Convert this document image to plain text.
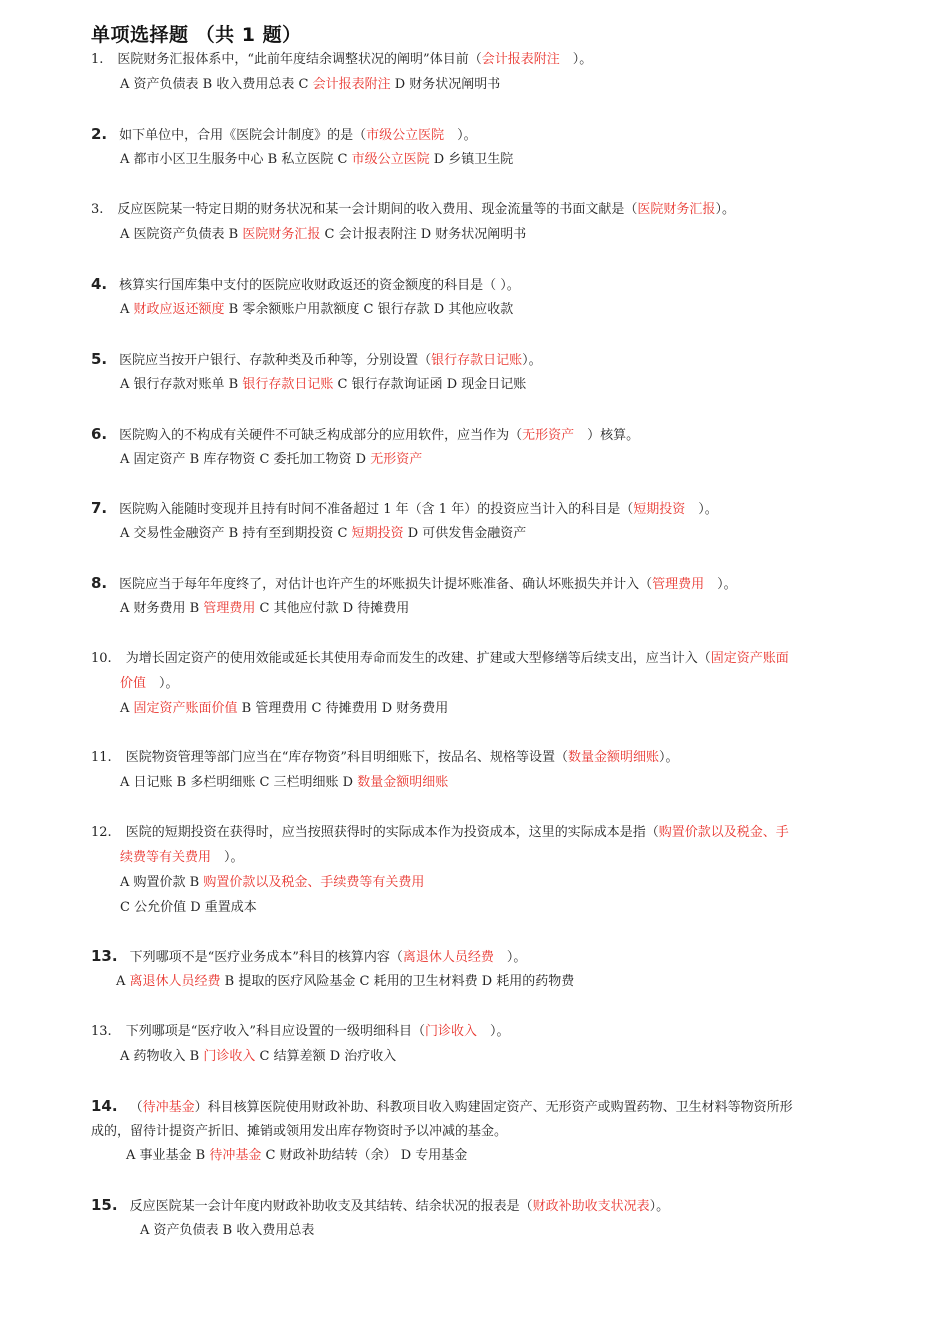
单项选择题 （共 1 题）
1. 医院财务汇报体系中，“此前年度结余调整状况的阐明”体目前（会计报表附注　）。
A 资产负债表 B 收入费用总表 C 会计报表附注 D 财务状况阐明书
2. 如下单位中，合用《医院会计制度》的是（市级公立医院　）。
A 都市小区卫生服务中心 B 私立医院 C 市级公立医院 D 乡镇卫生院
3. 反应医院某一特定日期的财务状况和某一会计期间的收入费用、现金流量等的书面文献是（医院财务汇报）。
A 医院资产负债表 B 医院财务汇报 C 会计报表附注 D 财务状况阐明书
4. 核算实行国库集中支付的医院应收财政返还的资金额度的科目是（ ）。
A 财政应返还额度 B 零余额账户用款额度 C 银行存款 D 其他应收款
5. 医院应当按开户银行、存款种类及币种等，分别设置（银行存款日记账）。
A 银行存款对账单 B 银行存款日记账 C 银行存款询证函 D 现金日记账
6. 医院购入的不构成有关硬件不可缺乏构成部分的应用软件，应当作为（无形资产　）核算。
A 固定资产 B 库存物资 C 委托加工物资 D 无形资产
7. 医院购入能随时变现并且持有时间不准备超过 1 年（含 1 年）的投资应当计入的科目是（短期投资　）。
A 交易性金融资产 B 持有至到期投资 C 短期投资 D 可供发售金融资产
8. 医院应当于每年年度终了，对估计也许产生的坏账损失计提坏账准备、确认坏账损失并计入（管理费用　）。
A 财务费用 B 管理费用 C 其他应付款 D 待摊费用
10. 为增长固定资产的使用效能或延长其使用寿命而发生的改建、扩建或大型修缮等后续支出，应当计入（固定资产账面
价值　）。
A 固定资产账面价值 B 管理费用 C 待摊费用 D 财务费用
11. 医院物资管理等部门应当在“库存物资”科目明细账下，按品名、规格等设置（数量金额明细账）。
A 日记账 B 多栏明细账 C 三栏明细账 D 数量金额明细账
12. 医院的短期投资在获得时，应当按照获得时的实际成本作为投资成本，这里的实际成本是指（购置价款以及税金、手
续费等有关费用　）。
A 购置价款 B 购置价款以及税金、手续费等有关费用
C 公允价值 D 重置成本
13. 下列哪项不是“医疗业务成本”科目的核算内容（离退休人员经费　）。
A 离退休人员经费 B 提取的医疗风险基金 C 耗用的卫生材料费 D 耗用的药物费
13. 下列哪项是“医疗收入”科目应设置的一级明细科目（门诊收入　）。
A 药物收入 B 门诊收入 C 结算差额 D 治疗收入
14. （待冲基金）科目核算医院使用财政补助、科教项目收入购建固定资产、无形资产或购置药物、卫生材料等物资所形
成的，留待计提资产折旧、摊销或领用发出库存物资时予以冲减的基金。
A 事业基金 B 待冲基金 C 财政补助结转（余） D 专用基金
15. 反应医院某一会计年度内财政补助收支及其结转、结余状况的报表是（财政补助收支状况表）。
A 资产负债表 B 收入费用总表
